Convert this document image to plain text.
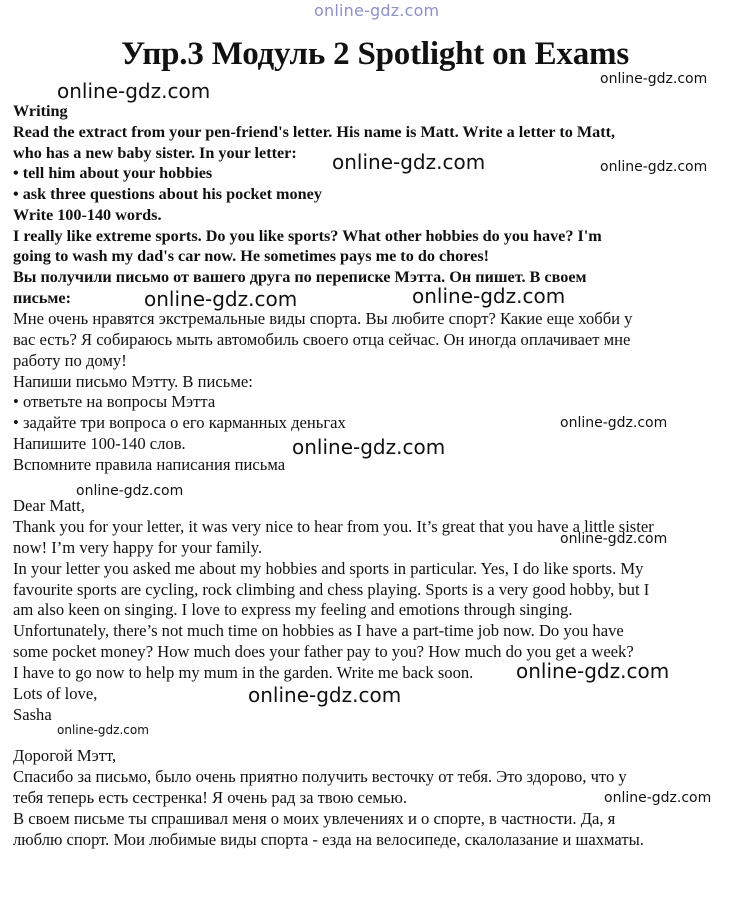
online-gdz.com
Упр.3 Модуль 2 Spotlight on Exams
Writing
Read the extract from your pen-friend's letter. His name is Matt. Write a letter to Matt,
who has a new baby sister. In your letter:
• tell him about your hobbies
• ask three questions about his pocket money
Write 100-140 words.
I really like extreme sports. Do you like sports? What other hobbies do you have? I'm
going to wash my dad's car now. He sometimes pays me to do chores!
Вы получили письмо от вашего друга по переписке Мэтта. Он пишет. В своем
письме:
Мне очень нравятся экстремальные виды спорта. Вы любите спорт? Какие еще хобби у
вас есть? Я собираюсь мыть автомобиль своего отца сейчас. Он иногда оплачивает мне
работу по дому!
Напиши письмо Мэтту. В письме:
• ответьте на вопросы Мэтта
• задайте три вопроса о его карманных деньгах
Напишите 100-140 слов.
Вспомните правила написания письма
Dear Matt,
Thank you for your letter, it was very nice to hear from you. It’s great that you have a little sister
now! I’m very happy for your family.
In your letter you asked me about my hobbies and sports in particular. Yes, I do like sports. My
favourite sports are cycling, rock climbing and chess playing. Sports is a very good hobby, but I
am also keen on singing. I love to express my feeling and emotions through singing.
Unfortunately, there’s not much time on hobbies as I have a part-time job now. Do you have
some pocket money? How much does your father pay to you? How much do you get a week?
I have to go now to help my mum in the garden. Write me back soon.
Lots of love,
Sasha
Дорогой Мэтт,
Спасибо за письмо, было очень приятно получить весточку от тебя. Это здорово, что у
тебя теперь есть сестренка! Я очень рад за твою семью.
В своем письме ты спрашивал меня о моих увлечениях и о спорте, в частности. Да, я
люблю спорт. Мои любимые виды спорта - езда на велосипеде, скалолазание и шахматы.
online-gdz.com	online-gdz.com
online-gdz.com	online-gdz.com
online-gdz.com
online-gdz.com
online-gdz.com
online-gdz.com
online-gdz.com
online-gdz.com
online-gdz.com
online-gdz.com
online-gdz.com
online-gdz.com
